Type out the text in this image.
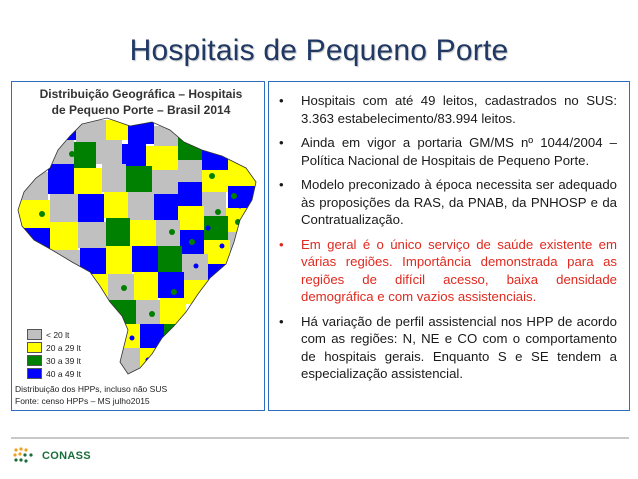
Hospitais de Pequeno Porte
Distribuição Geográfica – Hospitais
de Pequeno Porte – Brasil 2014
< 20 lt
20 a 29 lt
30 a 39 lt
40 a 49 lt
Distribuição dos HPPs, incluso não SUS
Fonte: censo HPPs – MS julho2015
• Hospitais com até 49 leitos, cadastrados no SUS: 3.363 estabelecimento/83.994 leitos.
• Ainda em vigor a portaria GM/MS nº 1044/2004 – Política Nacional de Hospitais de Pequeno Porte.
• Modelo preconizado à época necessita ser adequado às proposições da RAS, da PNAB, da PNHOSP e da Contratualização.
• Em geral é o único serviço de saúde existente em várias regiões. Importância demonstrada para as regiões de difícil acesso, baixa densidade demográfica e com vazios assistenciais.
• Há variação de perfil assistencial nos HPP de acordo com as regiões: N, NE e CO com o comportamento de hospitais gerais. Enquanto S e SE tendem a especialização assistencial.
CONASS
